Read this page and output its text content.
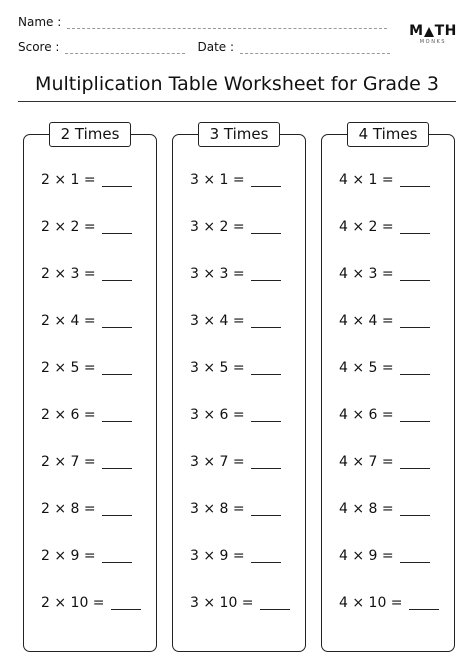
Name :
Score :	Date :
M TH
MONKS
Multiplication Table Worksheet for Grade 3
2 Times
2 × 1 =
2 × 2 =
2 × 3 =
2 × 4 =
2 × 5 =
2 × 6 =
2 × 7 =
2 × 8 =
2 × 9 =
2 × 10 =
3 Times
3 × 1 =
3 × 2 =
3 × 3 =
3 × 4 =
3 × 5 =
3 × 6 =
3 × 7 =
3 × 8 =
3 × 9 =
3 × 10 =
4 Times
4 × 1 =
4 × 2 =
4 × 3 =
4 × 4 =
4 × 5 =
4 × 6 =
4 × 7 =
4 × 8 =
4 × 9 =
4 × 10 =
